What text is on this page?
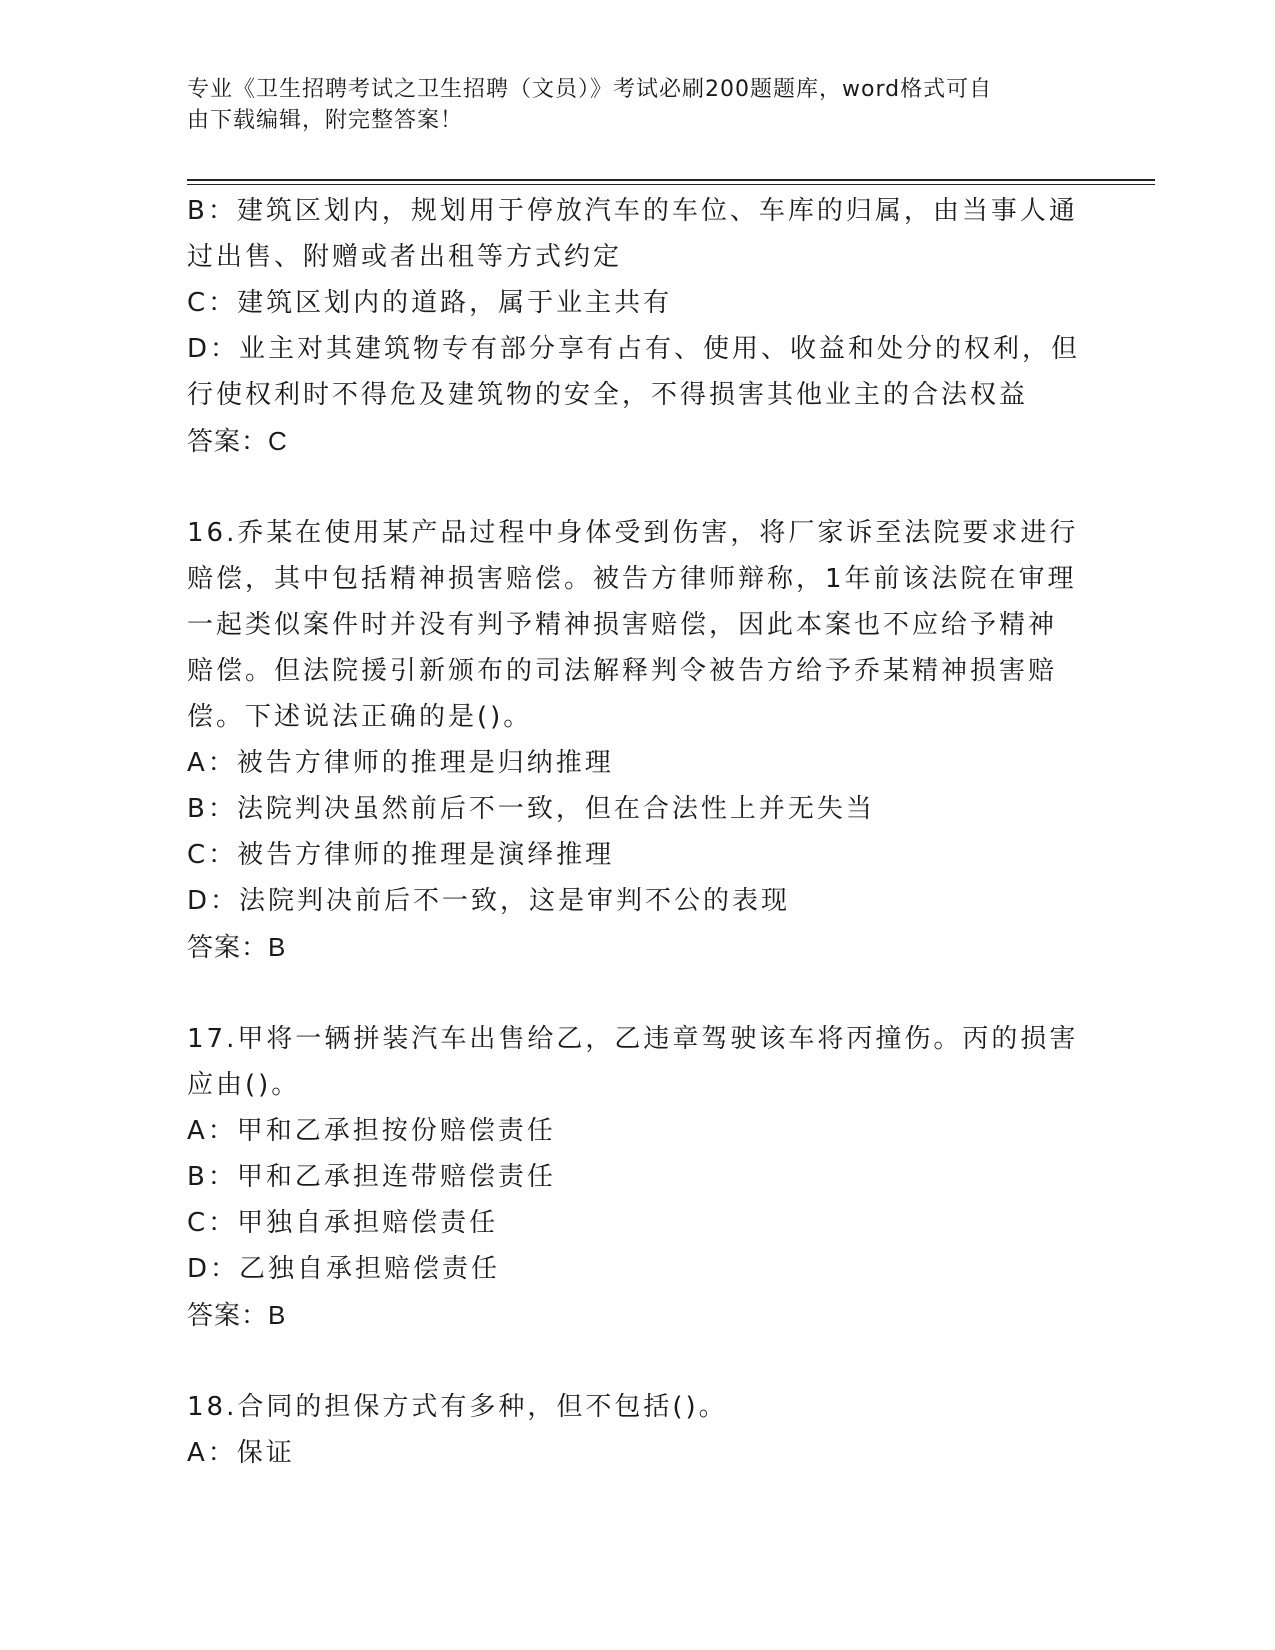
专业《卫生招聘考试之卫生招聘（文员）》考试必刷200题题库，word格式可自
由下载编辑，附完整答案！
B：建筑区划内，规划用于停放汽车的车位、车库的归属，由当事人通
过出售、附赠或者出租等方式约定
C：建筑区划内的道路，属于业主共有
D：业主对其建筑物专有部分享有占有、使用、收益和处分的权利，但
行使权利时不得危及建筑物的安全，不得损害其他业主的合法权益
答案：C
16.乔某在使用某产品过程中身体受到伤害，将厂家诉至法院要求进行
赔偿，其中包括精神损害赔偿。被告方律师辩称，1年前该法院在审理
一起类似案件时并没有判予精神损害赔偿，因此本案也不应给予精神
赔偿。但法院援引新颁布的司法解释判令被告方给予乔某精神损害赔
偿。下述说法正确的是()。
A：被告方律师的推理是归纳推理
B：法院判决虽然前后不一致，但在合法性上并无失当
C：被告方律师的推理是演绎推理
D：法院判决前后不一致，这是审判不公的表现
答案：B
17.甲将一辆拼装汽车出售给乙，乙违章驾驶该车将丙撞伤。丙的损害
应由()。
A：甲和乙承担按份赔偿责任
B：甲和乙承担连带赔偿责任
C：甲独自承担赔偿责任
D：乙独自承担赔偿责任
答案：B
18.合同的担保方式有多种，但不包括()。
A：保证
